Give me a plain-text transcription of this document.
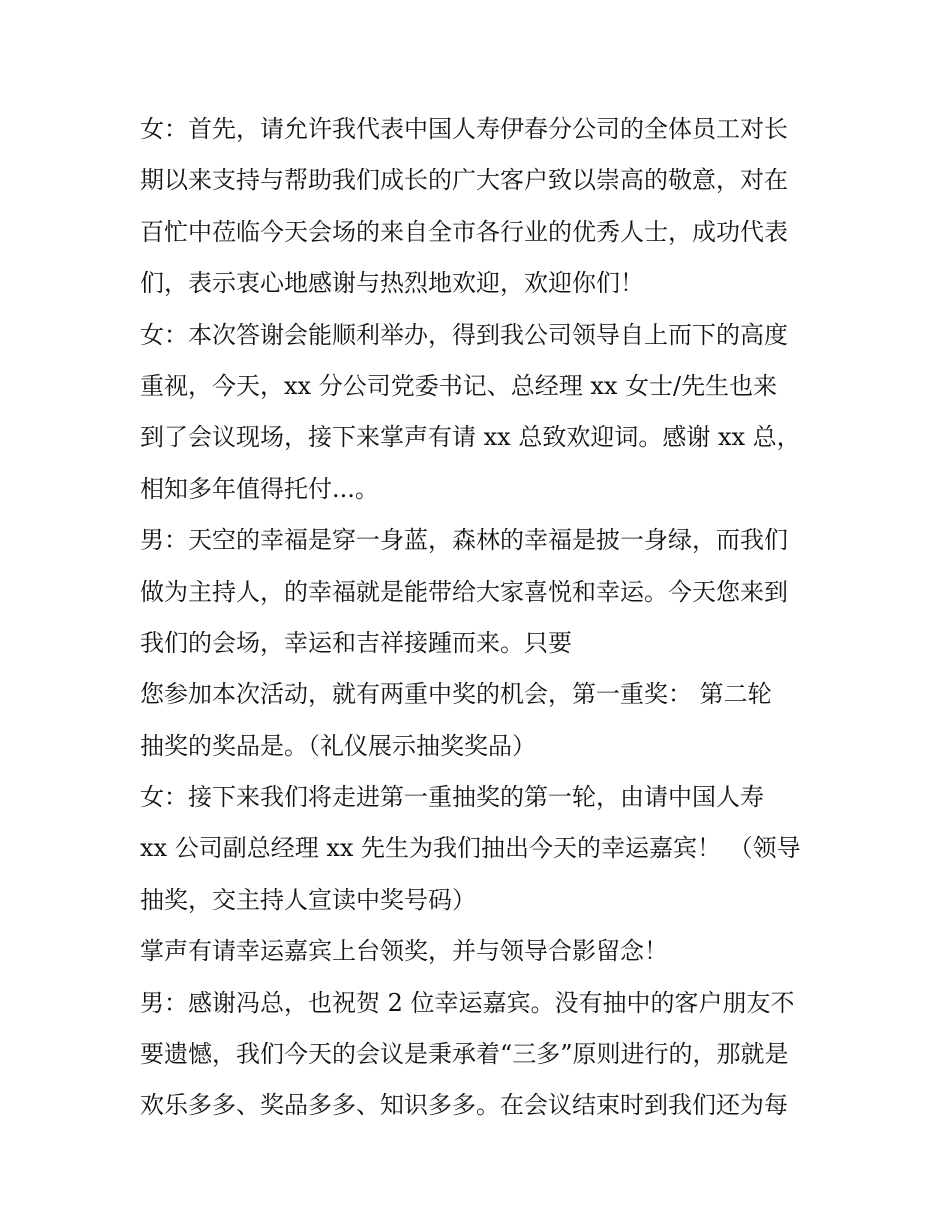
女：首先，请允许我代表中国人寿伊春分公司的全体员工对长
期以来支持与帮助我们成长的广大客户致以崇高的敬意，对在
百忙中莅临今天会场的来自全市各行业的优秀人士，成功代表
们，表示衷心地感谢与热烈地欢迎，欢迎你们！
女：本次答谢会能顺利举办，得到我公司领导自上而下的高度
重视，今天，xx 分公司党委书记、总经理 xx 女士/先生也来
到了会议现场，接下来掌声有请 xx 总致欢迎词。感谢 xx 总，
相知多年值得托付...。
男：天空的幸福是穿一身蓝，森林的幸福是披一身绿，而我们
做为主持人，的幸福就是能带给大家喜悦和幸运。今天您来到
我们的会场，幸运和吉祥接踵而来。只要
您参加本次活动，就有两重中奖的机会，第一重奖： 第二轮
抽奖的奖品是。（礼仪展示抽奖奖品）
女：接下来我们将走进第一重抽奖的第一轮，由请中国人寿
xx 公司副总经理 xx 先生为我们抽出今天的幸运嘉宾！ （领导
抽奖，交主持人宣读中奖号码）
掌声有请幸运嘉宾上台领奖，并与领导合影留念！
男：感谢冯总，也祝贺 2 位幸运嘉宾。没有抽中的客户朋友不
要遗憾，我们今天的会议是秉承着“三多”原则进行的，那就是
欢乐多多、奖品多多、知识多多。在会议结束时到我们还为每
